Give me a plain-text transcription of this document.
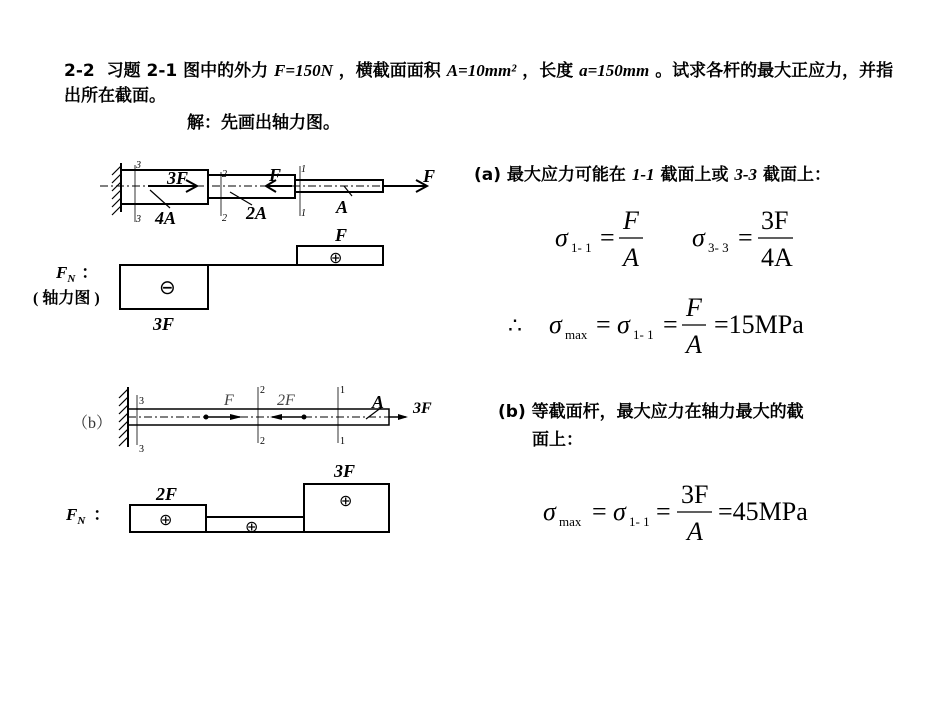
2-2 习题 2-1 图中的外力 F=150N ，横截面面积 A=10mm² ，长度 a=150mm 。试求各杆的最大正应力，并指出所在截面。
解：先画出轴力图。
(a) 最大应力可能在 1-1 截面上或 3-3 截面上：
(b) 等截面杆，最大应力在轴力最大的截
面上：
3
3
2
2
1
1
3F	F	F
4A	2A	A
⊖
⊕
F
3F
$F_N$ ：
( 轴力图 )
（b）
3
3
2
2
1
1
F	2F	3F
A
⊕	⊕
⊕
2F
3F
$F_N$ ：
σ 1- 1 =
F
A
σ 3- 3 =
3F
4A
∴ σ max = σ 1- 1 =
F
A
=15MPa
σ max = σ 1- 1 =
3F
A
=45MPa
